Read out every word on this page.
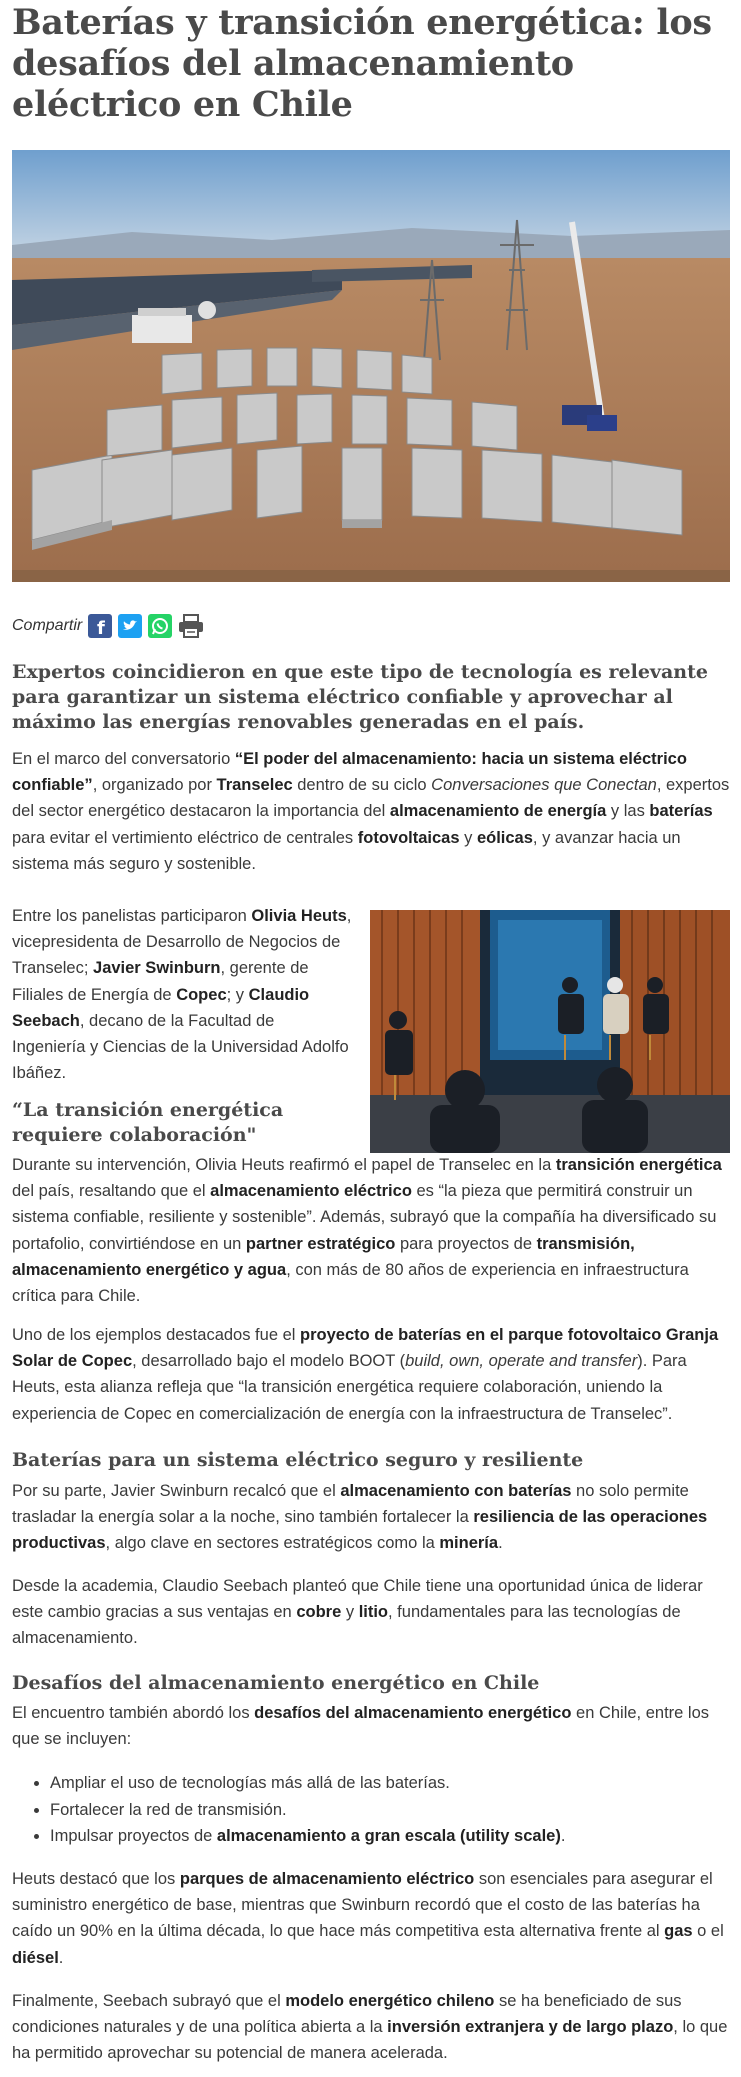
Baterías y transición energética: los desafíos del almacenamiento eléctrico en Chile
Compartir f

Expertos coincidieron en que este tipo de tecnología es relevante para garantizar un sistema eléctrico confiable y aprovechar al máximo las energías renovables generadas en el país.

En el marco del conversatorio “El poder del almacenamiento: hacia un sistema eléctrico confiable”, organizado por Transelec dentro de su ciclo Conversaciones que Conectan, expertos del sector energético destacaron la importancia del almacenamiento de energía y las baterías para evitar el vertimiento eléctrico de centrales fotovoltaicas y eólicas, y avanzar hacia un sistema más seguro y sostenible.

Entre los panelistas participaron Olivia Heuts, vicepresidenta de Desarrollo de Negocios de Transelec; Javier Swinburn, gerente de Filiales de Energía de Copec; y Claudio Seebach, decano de la Facultad de Ingeniería y Ciencias de la Universidad Adolfo Ibáñez.

“La transición energética requiere colaboración"

Durante su intervención, Olivia Heuts reafirmó el papel de Transelec en la transición energética del país, resaltando que el almacenamiento eléctrico es “la pieza que permitirá construir un sistema confiable, resiliente y sostenible”. Además, subrayó que la compañía ha diversificado su portafolio, convirtiéndose en un partner estratégico para proyectos de transmisión, almacenamiento energético y agua, con más de 80 años de experiencia en infraestructura crítica para Chile.

Uno de los ejemplos destacados fue el proyecto de baterías en el parque fotovoltaico Granja Solar de Copec, desarrollado bajo el modelo BOOT (build, own, operate and transfer). Para Heuts, esta alianza refleja que “la transición energética requiere colaboración, uniendo la experiencia de Copec en comercialización de energía con la infraestructura de Transelec”.

Baterías para un sistema eléctrico seguro y resiliente

Por su parte, Javier Swinburn recalcó que el almacenamiento con baterías no solo permite trasladar la energía solar a la noche, sino también fortalecer la resiliencia de las operaciones productivas, algo clave en sectores estratégicos como la minería.

Desde la academia, Claudio Seebach planteó que Chile tiene una oportunidad única de liderar este cambio gracias a sus ventajas en cobre y litio, fundamentales para las tecnologías de almacenamiento.

Desafíos del almacenamiento energético en Chile

El encuentro también abordó los desafíos del almacenamiento energético en Chile, entre los que se incluyen:

• Ampliar el uso de tecnologías más allá de las baterías.
• Fortalecer la red de transmisión.
• Impulsar proyectos de almacenamiento a gran escala (utility scale).

Heuts destacó que los parques de almacenamiento eléctrico son esenciales para asegurar el suministro energético de base, mientras que Swinburn recordó que el costo de las baterías ha caído un 90% en la última década, lo que hace más competitiva esta alternativa frente al gas o el diésel.

Finalmente, Seebach subrayó que el modelo energético chileno se ha beneficiado de sus condiciones naturales y de una política abierta a la inversión extranjera y de largo plazo, lo que ha permitido aprovechar su potencial de manera acelerada.
